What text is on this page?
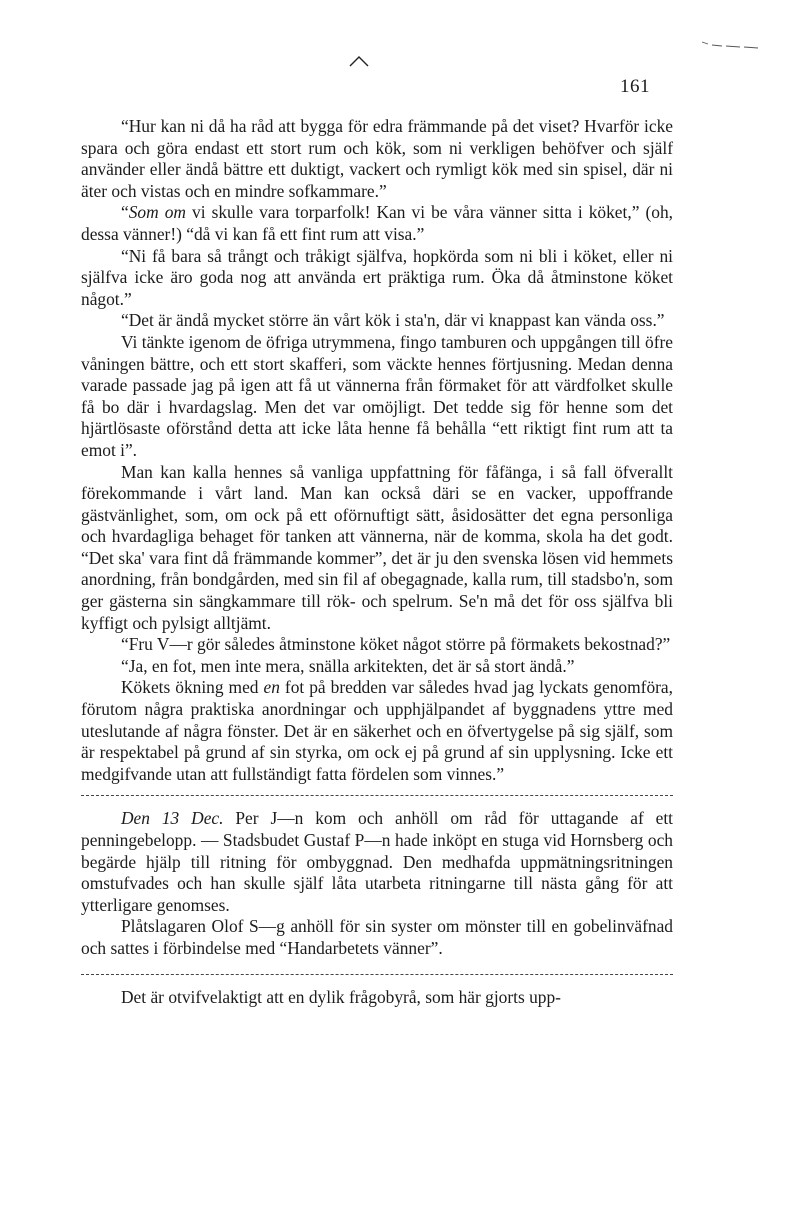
161

“Hur kan ni då ha råd att bygga för edra främmande på det viset? Hvarför icke spara och göra endast ett stort rum och kök, som ni verkligen behöfver och själf använder eller ändå bättre ett duktigt, vackert och rymligt kök med sin spisel, där ni äter och vistas och en mindre sofkammare.”

“Som om vi skulle vara torparfolk! Kan vi be våra vänner sitta i köket,” (oh, dessa vänner!) “då vi kan få ett fint rum att visa.”

“Ni få bara så trångt och tråkigt själfva, hopkörda som ni bli i köket, eller ni själfva icke äro goda nog att använda ert präktiga rum. Öka då åtminstone köket något.”

“Det är ändå mycket större än vårt kök i sta'n, där vi knappast kan vända oss.”

Vi tänkte igenom de öfriga utrymmena, fingo tamburen och uppgången till öfre våningen bättre, och ett stort skafferi, som väckte hennes förtjusning. Medan denna varade passade jag på igen att få ut vännerna från förmaket för att värdfolket skulle få bo där i hvardagslag. Men det var omöjligt. Det tedde sig för henne som det hjärtlösaste oförstånd detta att icke låta henne få behålla “ett riktigt fint rum att ta emot i”.

Man kan kalla hennes så vanliga uppfattning för fåfänga, i så fall öfverallt förekommande i vårt land. Man kan också däri se en vacker, uppoffrande gästvänlighet, som, om ock på ett oförnuftigt sätt, åsidosätter det egna personliga och hvardagliga behaget för tanken att vännerna, när de komma, skola ha det godt. “Det ska' vara fint då främmande kommer”, det är ju den svenska lösen vid hemmets anordning, från bondgården, med sin fil af obegagnade, kalla rum, till stadsbo'n, som ger gästerna sin sängkammare till rök- och spelrum. Se'n må det för oss själfva bli kyffigt och pylsigt alltjämt.

“Fru V—r gör således åtminstone köket något större på förmakets bekostnad?”

“Ja, en fot, men inte mera, snälla arkitekten, det är så stort ändå.”

Kökets ökning med en fot på bredden var således hvad jag lyckats genomföra, förutom några praktiska anordningar och upphjälpandet af byggnadens yttre med uteslutande af några fönster. Det är en säkerhet och en öfvertygelse på sig själf, som är respektabel på grund af sin styrka, om ock ej på grund af sin upplysning. Icke ett medgifvande utan att fullständigt fatta fördelen som vinnes.”

Den 13 Dec. Per J—n kom och anhöll om råd för uttagande af ett penningebelopp. — Stadsbudet Gustaf P—n hade inköpt en stuga vid Hornsberg och begärde hjälp till ritning för ombyggnad. Den medhafda uppmätningsritningen omstufvades och han skulle själf låta utarbeta ritningarne till nästa gång för att ytterligare genomses.

Plåtslagaren Olof S—g anhöll för sin syster om mönster till en gobelinväfnad och sattes i förbindelse med “Handarbetets vänner”.

Det är otvifvelaktigt att en dylik frågobyrå, som här gjorts upp-
